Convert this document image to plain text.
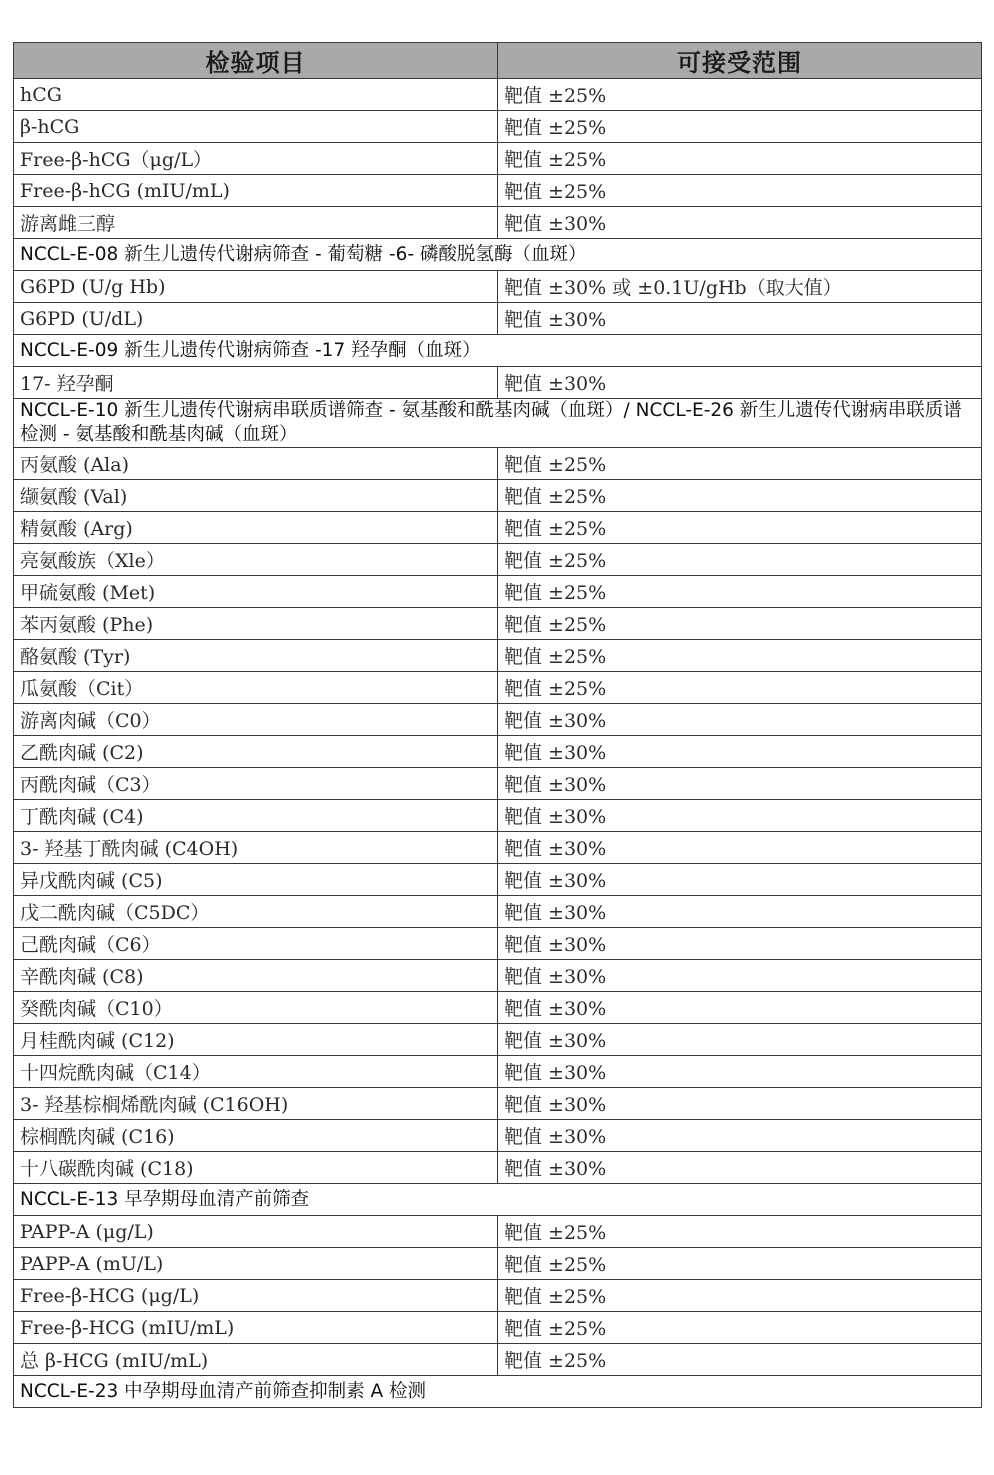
检验项目	可接受范围
hCG	靶值 ±25%
β-hCG	靶值 ±25%
Free-β-hCG（μg/L）	靶值 ±25%
Free-β-hCG (mIU/mL)	靶值 ±25%
游离雌三醇	靶值 ±30%
NCCL-E-08 新生儿遗传代谢病筛查 - 葡萄糖 -6- 磷酸脱氢酶（血斑）	
G6PD (U/g Hb)	靶值 ±30% 或 ±0.1U/gHb（取大值）
G6PD (U/dL)	靶值 ±30%
NCCL-E-09 新生儿遗传代谢病筛查 -17 羟孕酮（血斑）	
17- 羟孕酮	靶值 ±30%
NCCL-E-10 新生儿遗传代谢病串联质谱筛查 - 氨基酸和酰基肉碱（血斑）/ NCCL-E-26 新生儿遗传代谢病串联质谱检测 - 氨基酸和酰基肉碱（血斑）	
丙氨酸 (Ala)	靶值 ±25%
缬氨酸 (Val)	靶值 ±25%
精氨酸 (Arg)	靶值 ±25%
亮氨酸族（Xle）	靶值 ±25%
甲硫氨酸 (Met)	靶值 ±25%
苯丙氨酸 (Phe)	靶值 ±25%
酪氨酸 (Tyr)	靶值 ±25%
瓜氨酸（Cit）	靶值 ±25%
游离肉碱（C0）	靶值 ±30%
乙酰肉碱 (C2)	靶值 ±30%
丙酰肉碱（C3）	靶值 ±30%
丁酰肉碱 (C4)	靶值 ±30%
3- 羟基丁酰肉碱 (C4OH)	靶值 ±30%
异戊酰肉碱 (C5)	靶值 ±30%
戊二酰肉碱（C5DC）	靶值 ±30%
己酰肉碱（C6）	靶值 ±30%
辛酰肉碱 (C8)	靶值 ±30%
癸酰肉碱（C10）	靶值 ±30%
月桂酰肉碱 (C12)	靶值 ±30%
十四烷酰肉碱（C14）	靶值 ±30%
3- 羟基棕榈烯酰肉碱 (C16OH)	靶值 ±30%
棕榈酰肉碱 (C16)	靶值 ±30%
十八碳酰肉碱 (C18)	靶值 ±30%
NCCL-E-13 早孕期母血清产前筛查	
PAPP-A (μg/L)	靶值 ±25%
PAPP-A (mU/L)	靶值 ±25%
Free-β-HCG (μg/L)	靶值 ±25%
Free-β-HCG (mIU/mL)	靶值 ±25%
总 β-HCG (mIU/mL)	靶值 ±25%
NCCL-E-23 中孕期母血清产前筛查抑制素 A 检测	
